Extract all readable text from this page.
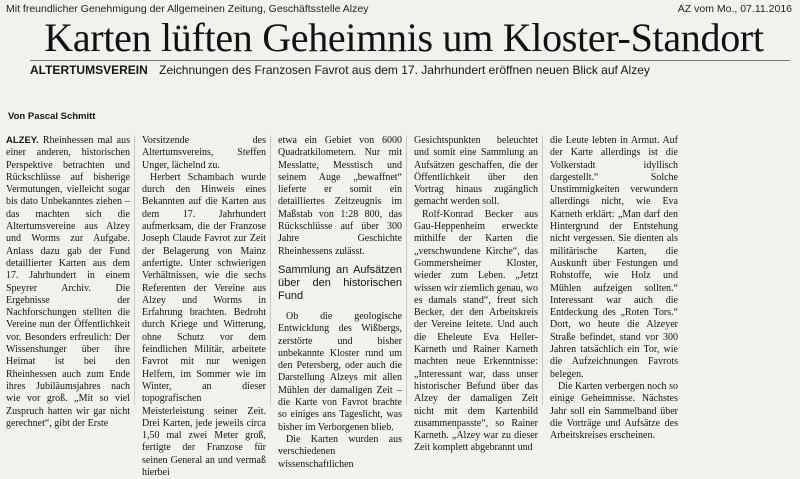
Mit freundlicher Genehmigung der Allgemeinen Zeitung, Geschäftsstelle Alzey	AZ vom Mo., 07.11.2016
Karten lüften Geheimnis um Kloster-Standort
ALTERTUMSVEREIN Zeichnungen des Franzosen Favrot aus dem 17. Jahrhundert eröffnen neuen Blick auf Alzey
Von Pascal Schmitt

ALZEY. Rheinhessen mal aus einer anderen, historischen Perspektive betrachten und Rückschlüsse auf bisherige Vermutungen, vielleicht sogar bis dato Unbekanntes ziehen – das machten sich die Altertumsvereine aus Alzey und Worms zur Aufgabe. Anlass dazu gab der Fund detaillierter Karten aus dem 17. Jahrhundert in einem Speyrer Archiv. Die Ergebnisse der Nachforschungen stellten die Vereine nun der Öffentlichkeit vor. Besonders erfreulich: Der Wissenshunger über ihre Heimat ist bei den Rheinhessen auch zum Ende ihres Jubiläumsjahres nach wie vor groß. „Mit so viel Zuspruch hatten wir gar nicht gerechnet“, gibt der Erste

Vorsitzende des Altertumsvereins, Steffen Unger, lächelnd zu.

Herbert Schambach wurde durch den Hinweis eines Bekannten auf die Karten aus dem 17. Jahrhundert aufmerksam, die der Franzose Joseph Claude Favrot zur Zeit der Belagerung von Mainz anfertigte. Unter schwierigen Verhältnissen, wie die sechs Referenten der Vereine aus Alzey und Worms in Erfahrung brachten. Bedroht durch Kriege und Witterung, ohne Schutz vor dem feindlichen Militär, arbeitete Favrot mit nur wenigen Helfern, im Sommer wie im Winter, an dieser topografischen Meisterleistung seiner Zeit. Drei Karten, jede jeweils circa 1,50 mal zwei Meter groß, fertigte der Franzose für seinen General an und vermaß hierbei

etwa ein Gebiet von 6000 Quadratkilometern. Nur mit Messlatte, Messtisch und seinem Auge „bewaffnet“ lieferte er somit ein detailliertes Zeitzeugnis im Maßstab von 1:28 800, das Rückschlüsse auf über 300 Jahre Geschichte Rheinhessens zulässt.

Sammlung an Aufsätzen über den historischen Fund

Ob die geologische Entwicklung des Wißbergs, zerstörte und bisher unbekannte Kloster rund um den Petersberg, oder auch die Darstellung Alzeys mit allen Mühlen der damaligen Zeit – die Karte von Favrot brachte so einiges ans Tageslicht, was bisher im Verborgenen blieb.

Die Karten wurden aus verschiedenen wissenschaftlichen

Gesichtspunkten beleuchtet und somit eine Sammlung an Aufsätzen geschaffen, die der Öffentlichkeit über den Vortrag hinaus zugänglich gemacht werden soll.

Rolf-Konrad Becker aus Gau-Heppenheim erweckte mithilfe der Karten die „verschwundene Kirche“, das Gommersheimer Kloster, wieder zum Leben. „Jetzt wissen wir ziemlich genau, wo es damals stand“, freut sich Becker, der den Arbeitskreis der Vereine leitete. Und auch die Eheleute Eva Heller-Karneth und Rainer Karneth machten neue Erkenntnisse: „Interessant war, dass unser historischer Befund über das Alzey der damaligen Zeit nicht mit dem Kartenbild zusammenpasste“, so Rainer Karneth. „Alzey war zu dieser Zeit komplett abgebrannt und

die Leute lebten in Armut. Auf der Karte allerdings ist die Volkerstadt idyllisch dargestellt.“ Solche Unstimmigkeiten verwundern allerdings nicht, wie Eva Karneth erklärt: „Man darf den Hintergrund der Entstehung nicht vergessen. Sie dienten als militärische Karten, die Auskunft über Festungen und Rohstoffe, wie Holz und Mühlen aufzeigen sollten.“ Interessant war auch die Entdeckung des „Roten Tors.“ Dort, wo heute die Alzeyer Straße befindet, stand vor 300 Jahren tatsächlich ein Tor, wie die Aufzeichnungen Favrots belegen.

Die Karten verbergen noch so einige Geheimnisse. Nächstes Jahr soll ein Sammelband über die Vorträge und Aufsätze des Arbeitskreises erscheinen.
